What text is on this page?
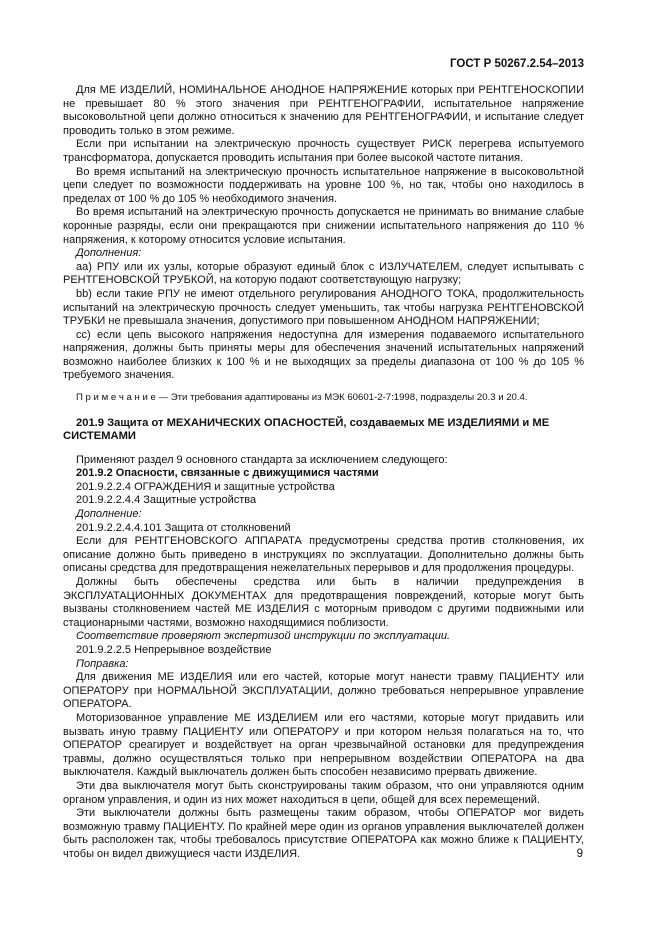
ГОСТ Р 50267.2.54–2013

Для МЕ ИЗДЕЛИЙ, НОМИНАЛЬНОЕ АНОДНОЕ НАПРЯЖЕНИЕ которых при РЕНТГЕНОСКОПИИ не превышает 80 % этого значения при РЕНТГЕНОГРАФИИ, испытательное напряжение высоковольтной цепи должно относиться к значению для РЕНТГЕНОГРАФИИ, и испытание следует проводить только в этом режиме.

Если при испытании на электрическую прочность существует РИСК перегрева испытуемого трансформатора, допускается проводить испытания при более высокой частоте питания.

Во время испытаний на электрическую прочность испытательное напряжение в высоковольтной цепи следует по возможности поддерживать на уровне 100 %, но так, чтобы оно находилось в пределах от 100 % до 105 % необходимого значения.

Во время испытаний на электрическую прочность допускается не принимать во внимание слабые коронные разряды, если они прекращаются при снижении испытательного напряжения до 110 % напряжения, к которому относится условие испытания.

Дополнения:

аа) РПУ или их узлы, которые образуют единый блок с ИЗЛУЧАТЕЛЕМ, следует испытывать с РЕНТГЕНОВСКОЙ ТРУБКОЙ, на которую подают соответствующую нагрузку;

bb) если такие РПУ не имеют отдельного регулирования АНОДНОГО ТОКА, продолжительность испытаний на электрическую прочность следует уменьшить, так чтобы нагрузка РЕНТГЕНОВСКОЙ ТРУБКИ не превышала значения, допустимого при повышенном АНОДНОМ НАПРЯЖЕНИИ;

сс) если цепь высокого напряжения недоступна для измерения подаваемого испытательного напряжения, должны быть приняты меры для обеспечения значений испытательных напряжений возможно наиболее близких к 100 % и не выходящих за пределы диапазона от 100 % до 105 % требуемого значения.

П р и м е ч а н и е — Эти требования адаптированы из МЭК 60601-2-7:1998, подразделы 20.3 и 20.4.

201.9 Защита от МЕХАНИЧЕСКИХ ОПАСНОСТЕЙ, создаваемых МЕ ИЗДЕЛИЯМИ и МЕ СИСТЕМАМИ

Применяют раздел 9 основного стандарта за исключением следующего:

201.9.2 Опасности, связанные с движущимися частями

201.9.2.2.4 ОГРАЖДЕНИЯ и защитные устройства

201.9.2.2.4.4 Защитные устройства

Дополнение:

201.9.2.2.4.4.101 Защита от столкновений

Если для РЕНТГЕНОВСКОГО АППАРАТА предусмотрены средства против столкновения, их описание должно быть приведено в инструкциях по эксплуатации. Дополнительно должны быть описаны средства для предотвращения нежелательных перерывов и для продолжения процедуры.

Должны быть обеспечены средства или быть в наличии предупреждения в ЭКСПЛУАТАЦИОННЫХ ДОКУМЕНТАХ для предотвращения повреждений, которые могут быть вызваны столкновением частей МЕ ИЗДЕЛИЯ с моторным приводом с другими подвижными или стационарными частями, возможно находящимися поблизости.

Соответствие проверяют экспертизой инструкции по эксплуатации.

201.9.2.2.5 Непрерывное воздействие

Поправка:

Для движения МЕ ИЗДЕЛИЯ или его частей, которые могут нанести травму ПАЦИЕНТУ или ОПЕРАТОРУ при НОРМАЛЬНОЙ ЭКСПЛУАТАЦИИ, должно требоваться непрерывное управление ОПЕРАТОРА.

Моторизованное управление МЕ ИЗДЕЛИЕМ или его частями, которые могут придавить или вызвать иную травму ПАЦИЕНТУ или ОПЕРАТОРУ и при котором нельзя полагаться на то, что ОПЕРАТОР среагирует и воздействует на орган чрезвычайной остановки для предупреждения травмы, должно осуществляться только при непрерывном воздействии ОПЕРАТОРА на два выключателя. Каждый выключатель должен быть способен независимо прервать движение.

Эти два выключателя могут быть сконструированы таким образом, что они управляются одним органом управления, и один из них может находиться в цепи, общей для всех перемещений.

Эти выключатели должны быть размещены таким образом, чтобы ОПЕРАТОР мог видеть возможную травму ПАЦИЕНТУ. По крайней мере один из органов управления выключателей должен быть расположен так, чтобы требовалось присутствие ОПЕРАТОРА как можно ближе к ПАЦИЕНТУ, чтобы он видел движущиеся части ИЗДЕЛИЯ.	9
